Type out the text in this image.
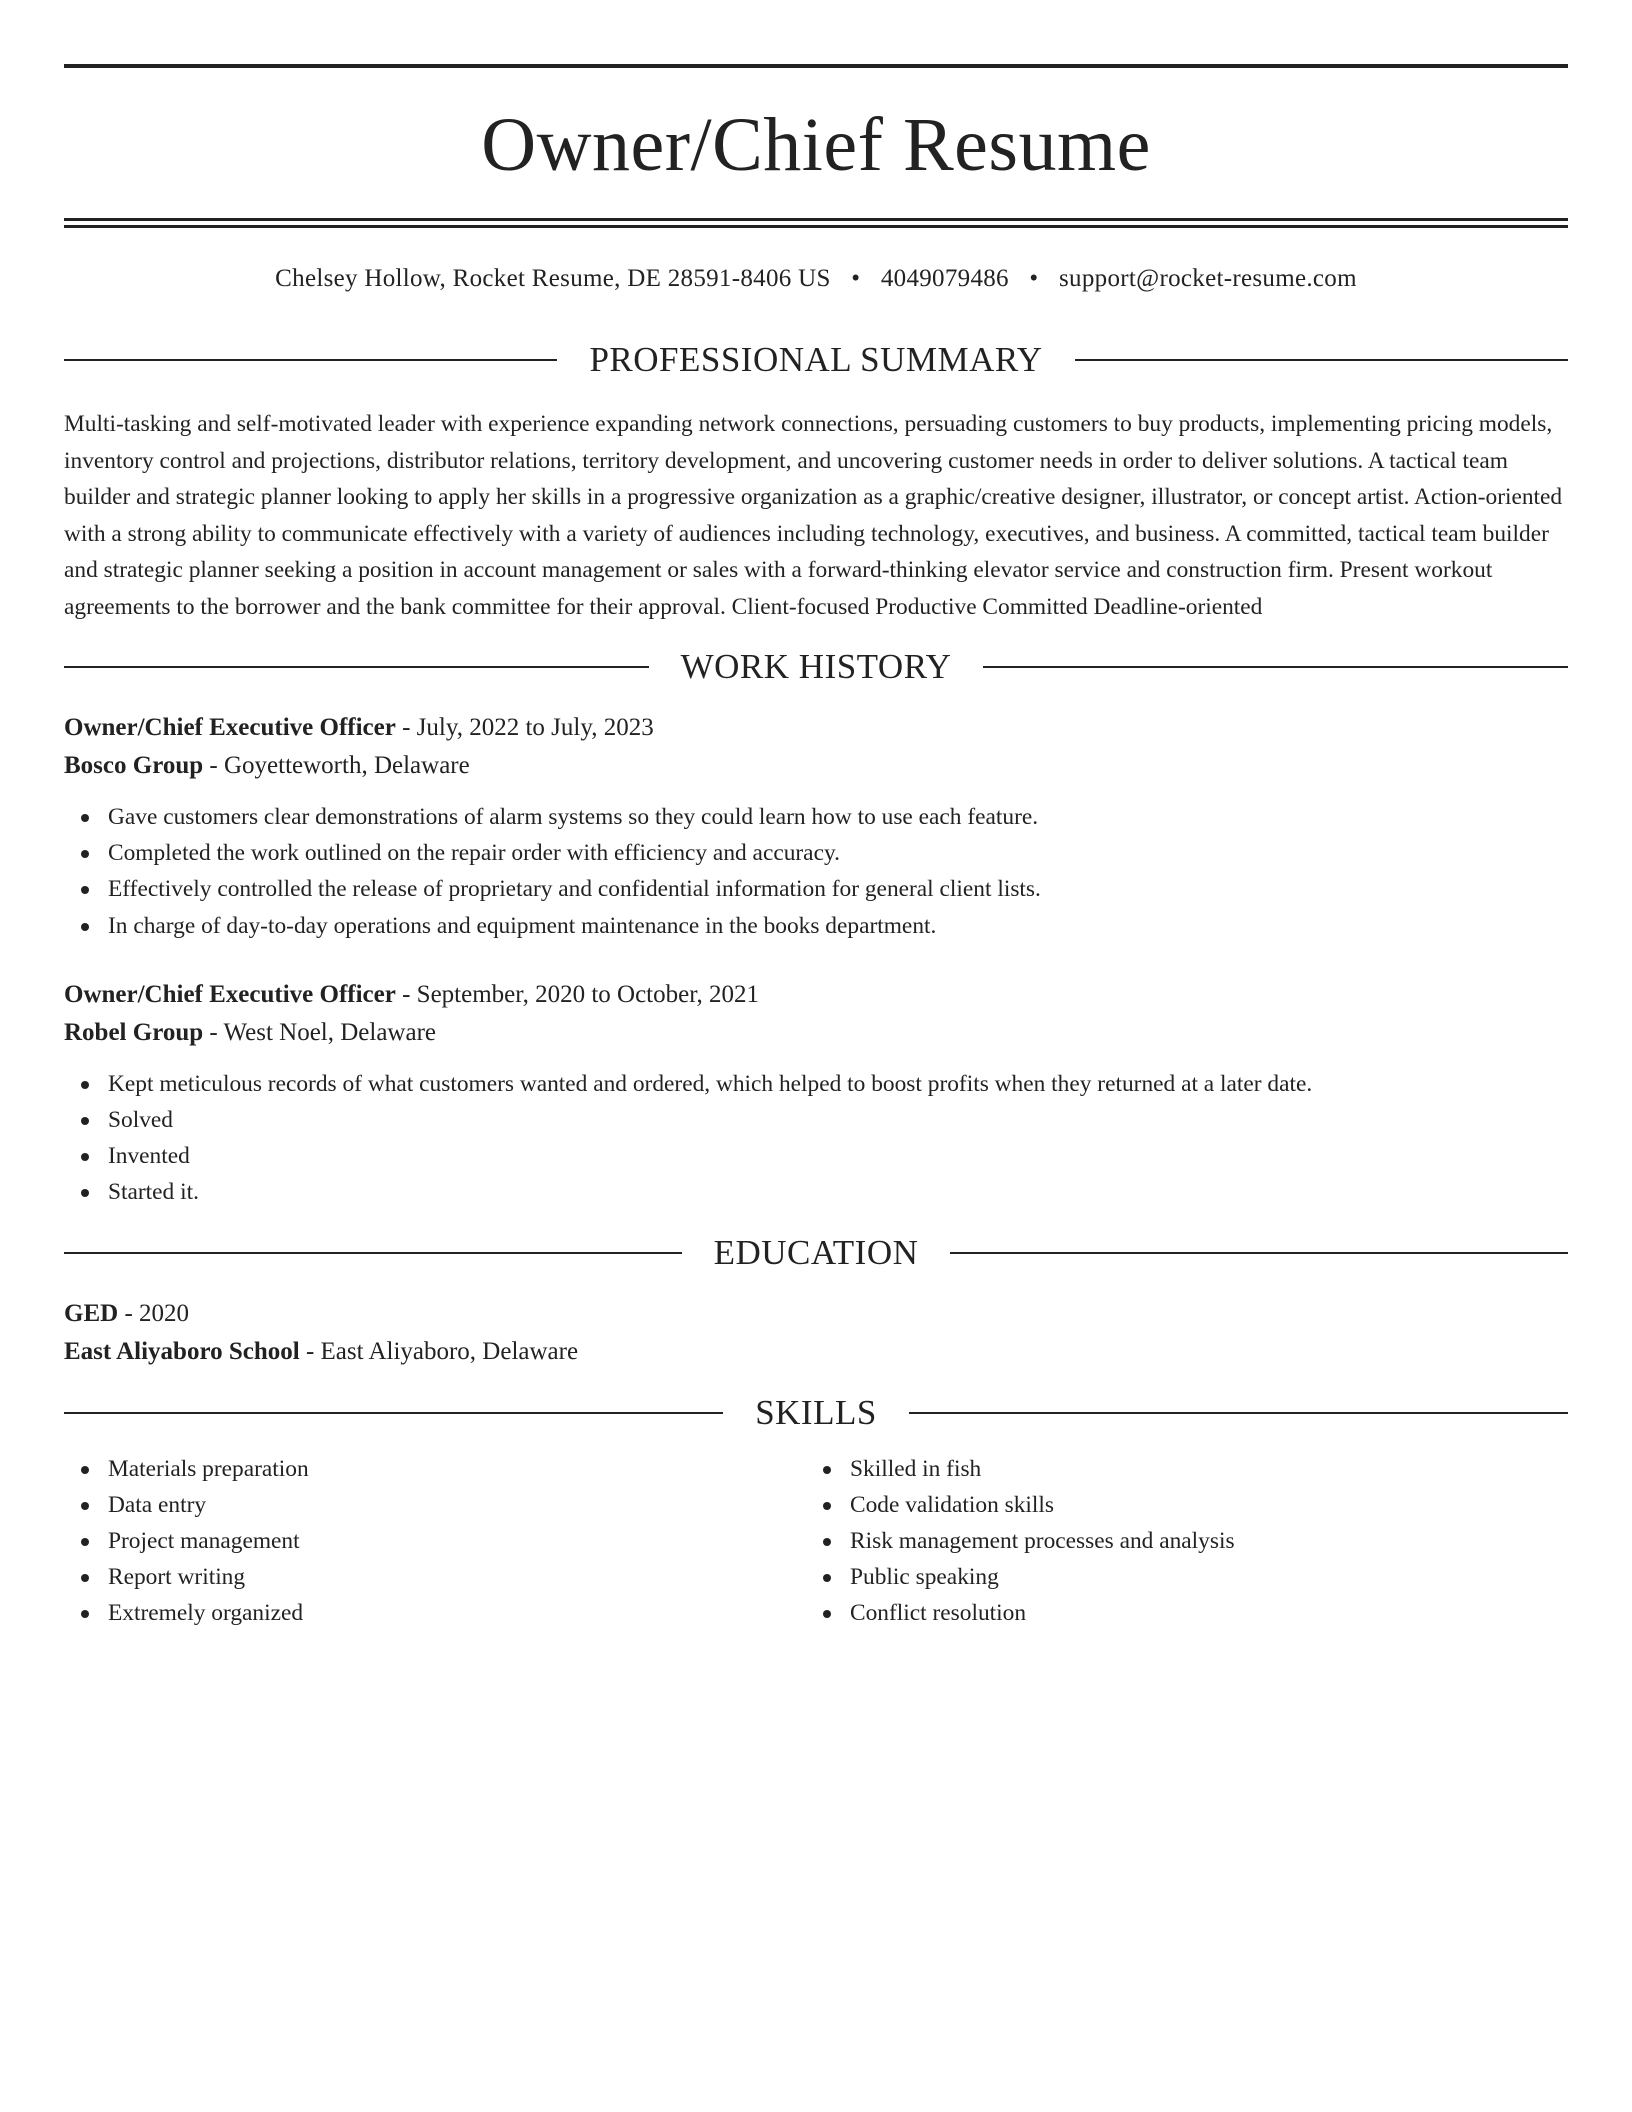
Owner/Chief Resume
Chelsey Hollow, Rocket Resume, DE 28591-8406 US • 4049079486 • support@rocket-resume.com
PROFESSIONAL SUMMARY
Multi-tasking and self-motivated leader with experience expanding network connections, persuading customers to buy products, implementing pricing models, inventory control and projections, distributor relations, territory development, and uncovering customer needs in order to deliver solutions. A tactical team builder and strategic planner looking to apply her skills in a progressive organization as a graphic/creative designer, illustrator, or concept artist. Action-oriented with a strong ability to communicate effectively with a variety of audiences including technology, executives, and business. A committed, tactical team builder and strategic planner seeking a position in account management or sales with a forward-thinking elevator service and construction firm. Present workout agreements to the borrower and the bank committee for their approval. Client-focused Productive Committed Deadline-oriented
WORK HISTORY
Owner/Chief Executive Officer - July, 2022 to July, 2023
Bosco Group - Goyetteworth, Delaware
Gave customers clear demonstrations of alarm systems so they could learn how to use each feature.
Completed the work outlined on the repair order with efficiency and accuracy.
Effectively controlled the release of proprietary and confidential information for general client lists.
In charge of day-to-day operations and equipment maintenance in the books department.
Owner/Chief Executive Officer - September, 2020 to October, 2021
Robel Group - West Noel, Delaware
Kept meticulous records of what customers wanted and ordered, which helped to boost profits when they returned at a later date.
Solved
Invented
Started it.
EDUCATION
GED - 2020
East Aliyaboro School - East Aliyaboro, Delaware
SKILLS
Materials preparation
Data entry
Project management
Report writing
Extremely organized
Skilled in fish
Code validation skills
Risk management processes and analysis
Public speaking
Conflict resolution
